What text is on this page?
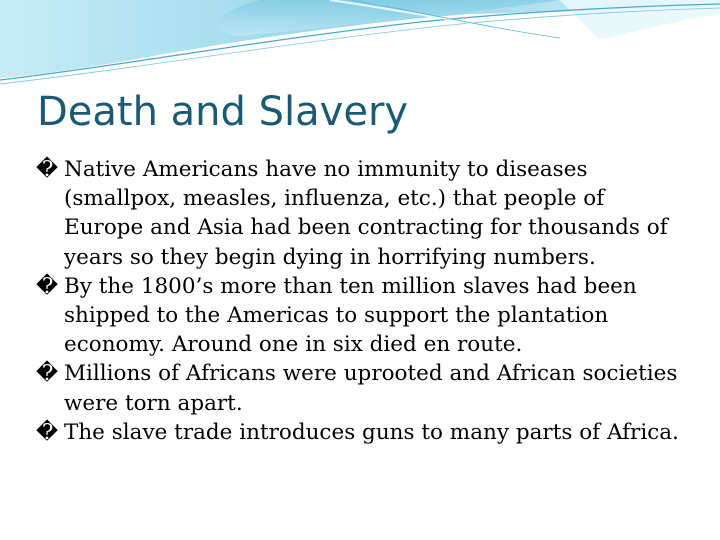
Death and Slavery
� Native Americans have no immunity to diseases (smallpox, measles, influenza, etc.) that people of Europe and Asia had been contracting for thousands of years so they begin dying in horrifying numbers.
� By the 1800’s more than ten million slaves had been shipped to the Americas to support the plantation economy. Around one in six died en route.
� Millions of Africans were uprooted and African societies were torn apart.
� The slave trade introduces guns to many parts of Africa.
